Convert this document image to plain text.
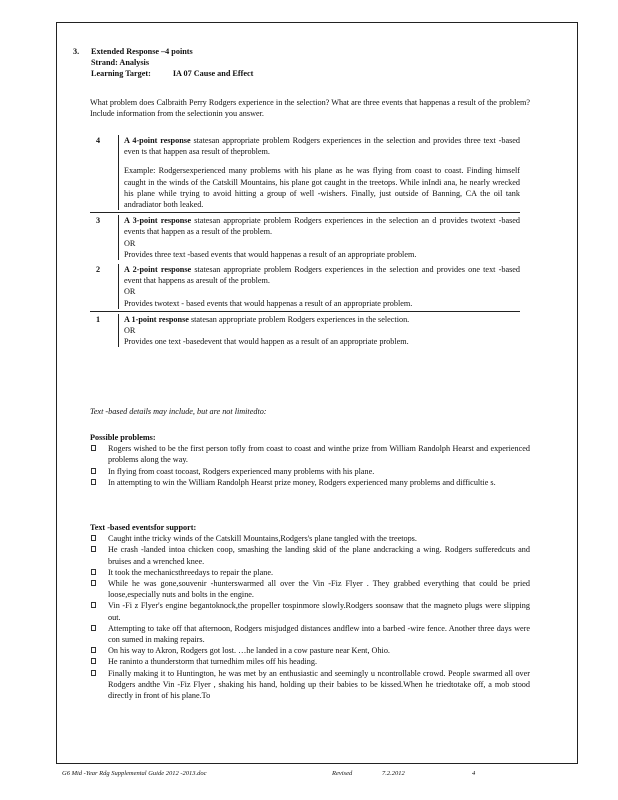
3.	Extended Response –4 points
Strand: Analysis
Learning Target:	IA 07 Cause and Effect
What problem does Calbraith Perry Rodgers experience in the selection? What are three events that happenas a result of the problem? Include information from the selectionin you answer.
4	A 4-point response statesan appropriate problem Rodgers experiences in the selection and provides three text -based even ts that happen asa result of theproblem.
Example: Rodgersexperienced many problems with his plane as he was flying from coast to coast. Finding himself caught in the winds of the Catskill Mountains, his plane got caught in the treetops. While inIndi ana, he nearly wrecked his plane while trying to avoid hitting a group of well -wishers. Finally, just outside of Banning, CA the oil tank andradiator both leaked.
3	A 3-point response statesan appropriate problem Rodgers experiences in the selection an d provides twotext -based events that happen as a result of the problem.
OR
Provides three text -based events that would happenas a result of an appropriate problem.
2	A 2-point response statesan appropriate problem Rodgers experiences in the selection and provides one text -based event that happens as aresult of the problem.
OR
Provides twotext - based events that would happenas a result of an appropriate problem.
1	A 1-point response statesan appropriate problem Rodgers experiences in the selection.
OR
Provides one text -basedevent that would happen as a result of an appropriate problem.
Text -based details may include, but are not limitedto:
Possible problems:
Rogers wished to be the first person tofly from coast to coast and winthe prize from William Randolph Hearst and experienced problems along the way.
In flying from coast tocoast, Rodgers experienced many problems with his plane.
In attempting to win the William Randolph Hearst prize money, Rodgers experienced many problems and difficultie s.
Text -based eventsfor support:
Caught inthe tricky winds of the Catskill Mountains,Rodgers's plane tangled with the treetops.
He crash -landed intoa chicken coop, smashing the landing skid of the plane andcracking a wing. Rodgers sufferedcuts and bruises and a wrenched knee.
It took the mechanicsthreedays to repair the plane.
While he was gone,souvenir -hunterswarmed all over the Vin -Fiz Flyer . They grabbed everything that could be pried loose,especially nuts and bolts in the engine.
Vin -Fi z Flyer's engine begantoknock,the propeller tospinmore slowly.Rodgers soonsaw that the magneto plugs were slipping out.
Attempting to take off that afternoon, Rodgers misjudged distances andflew into a barbed -wire fence. Another three days were con sumed in making repairs.
On his way to Akron, Rodgers got lost. …he landed in a cow pasture near Kent, Ohio.
He raninto a thunderstorm that turnedhim miles off his heading.
Finally making it to Huntington, he was met by an enthusiastic and seemingly u ncontrollable crowd. People swarmed all over Rodgers andthe Vin -Fiz Flyer , shaking his hand, holding up their babies to be kissed.When he triedtotake off, a mob stood directly in front of his plane.To
G6 Mid -Year Rdg Supplemental Guide 2012 -2013.doc	Revised	7.2.2012	4
